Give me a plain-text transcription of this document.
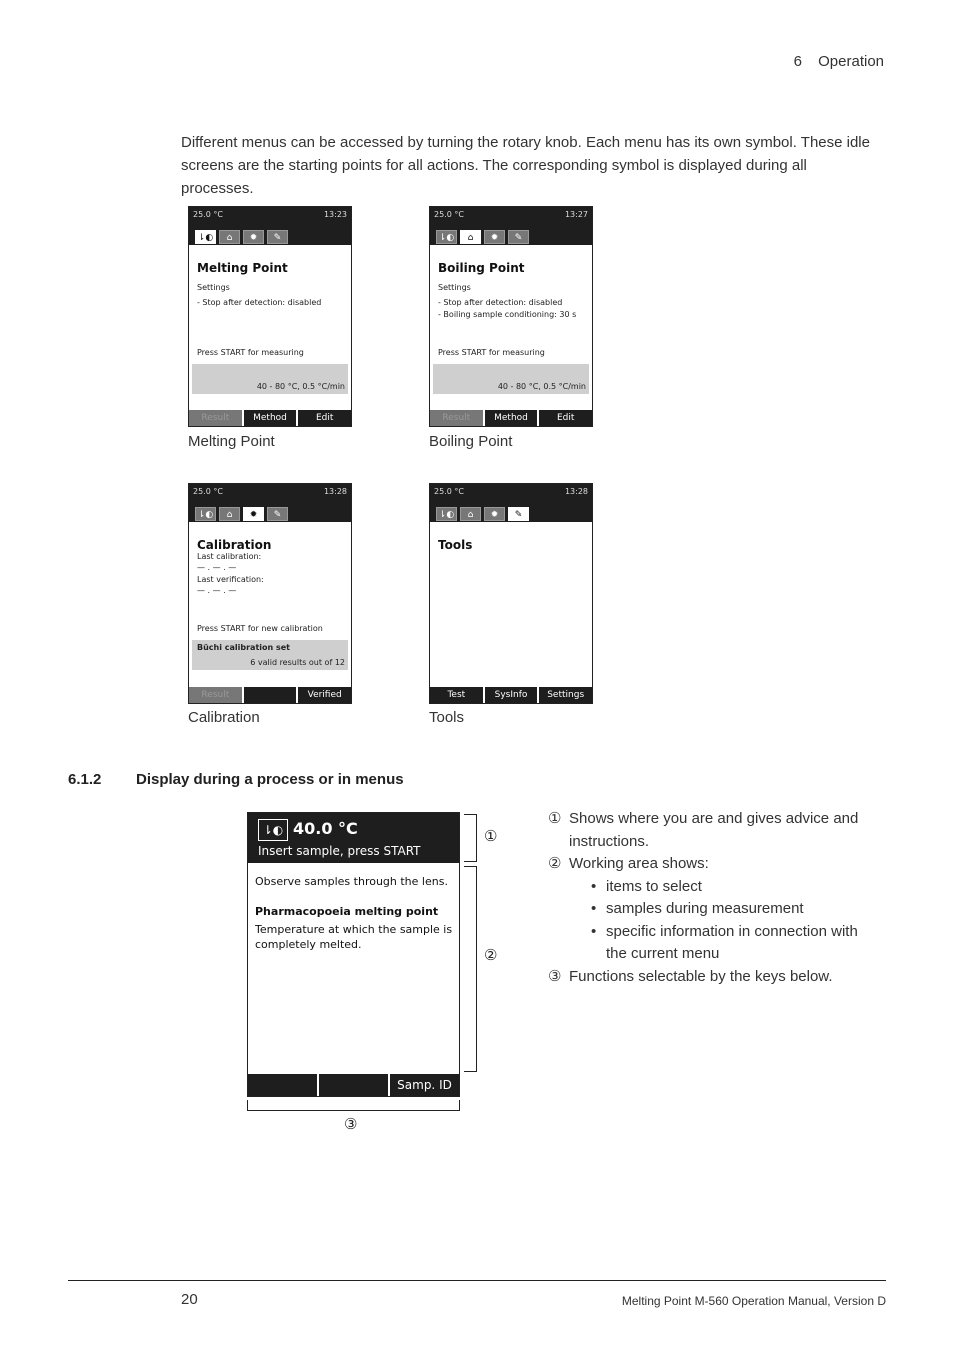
6 Operation
Different menus can be accessed by turning the rotary knob. Each menu has its own symbol. These idle screens are the starting points for all actions. The corresponding symbol is displayed during all processes.
25.0 °C	13:23
⇂◐	⌂	✹	✎
Melting Point
Settings
- Stop after detection: disabled
Press START for measuring
40 - 80 °C, 0.5 °C/min
Result	Method	Edit
Melting Point
25.0 °C	13:27
⇂◐	⌂	✹	✎
Boiling Point
Settings
- Stop after detection: disabled
- Boiling sample conditioning: 30 s
Press START for measuring
40 - 80 °C, 0.5 °C/min
Result	Method	Edit
Boiling Point
25.0 °C	13:28
⇂◐	⌂	✹	✎
Calibration
Last calibration:
— . — . —
Last verification:
— . — . —
Press START for new calibration
Büchi calibration set
6 valid results out of 12
Result	Verified
Calibration
25.0 °C	13:28
⇂◐	⌂	✹	✎
Tools
Test	SysInfo	Settings
Tools
6.1.2 Display during a process or in menus
⇂◐ 40.0 °C
Insert sample, press START
Observe samples through the lens.
Pharmacopoeia melting point
Temperature at which the sample is
completely melted.
Samp. ID
①
②
③
① Shows where you are and gives advice and instructions.
② Working area shows:
• items to select
• samples during measurement
• specific information in connection with the current menu
③ Functions selectable by the keys below.
20	Melting Point M-560 Operation Manual, Version D
